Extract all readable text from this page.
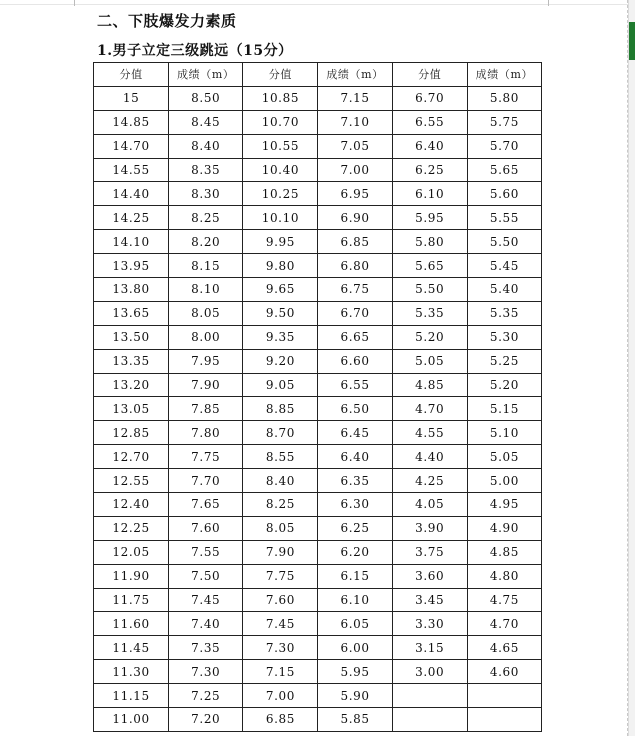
二、下肢爆发力素质
1.男子立定三级跳远（15分）
分值	成绩（m）	分值	成绩（m）	分值	成绩（m）
15	8.50	10.85	7.15	6.70	5.80
14.85	8.45	10.70	7.10	6.55	5.75
14.70	8.40	10.55	7.05	6.40	5.70
14.55	8.35	10.40	7.00	6.25	5.65
14.40	8.30	10.25	6.95	6.10	5.60
14.25	8.25	10.10	6.90	5.95	5.55
14.10	8.20	9.95	6.85	5.80	5.50
13.95	8.15	9.80	6.80	5.65	5.45
13.80	8.10	9.65	6.75	5.50	5.40
13.65	8.05	9.50	6.70	5.35	5.35
13.50	8.00	9.35	6.65	5.20	5.30
13.35	7.95	9.20	6.60	5.05	5.25
13.20	7.90	9.05	6.55	4.85	5.20
13.05	7.85	8.85	6.50	4.70	5.15
12.85	7.80	8.70	6.45	4.55	5.10
12.70	7.75	8.55	6.40	4.40	5.05
12.55	7.70	8.40	6.35	4.25	5.00
12.40	7.65	8.25	6.30	4.05	4.95
12.25	7.60	8.05	6.25	3.90	4.90
12.05	7.55	7.90	6.20	3.75	4.85
11.90	7.50	7.75	6.15	3.60	4.80
11.75	7.45	7.60	6.10	3.45	4.75
11.60	7.40	7.45	6.05	3.30	4.70
11.45	7.35	7.30	6.00	3.15	4.65
11.30	7.30	7.15	5.95	3.00	4.60
11.15	7.25	7.00	5.90		
11.00	7.20	6.85	5.85		
